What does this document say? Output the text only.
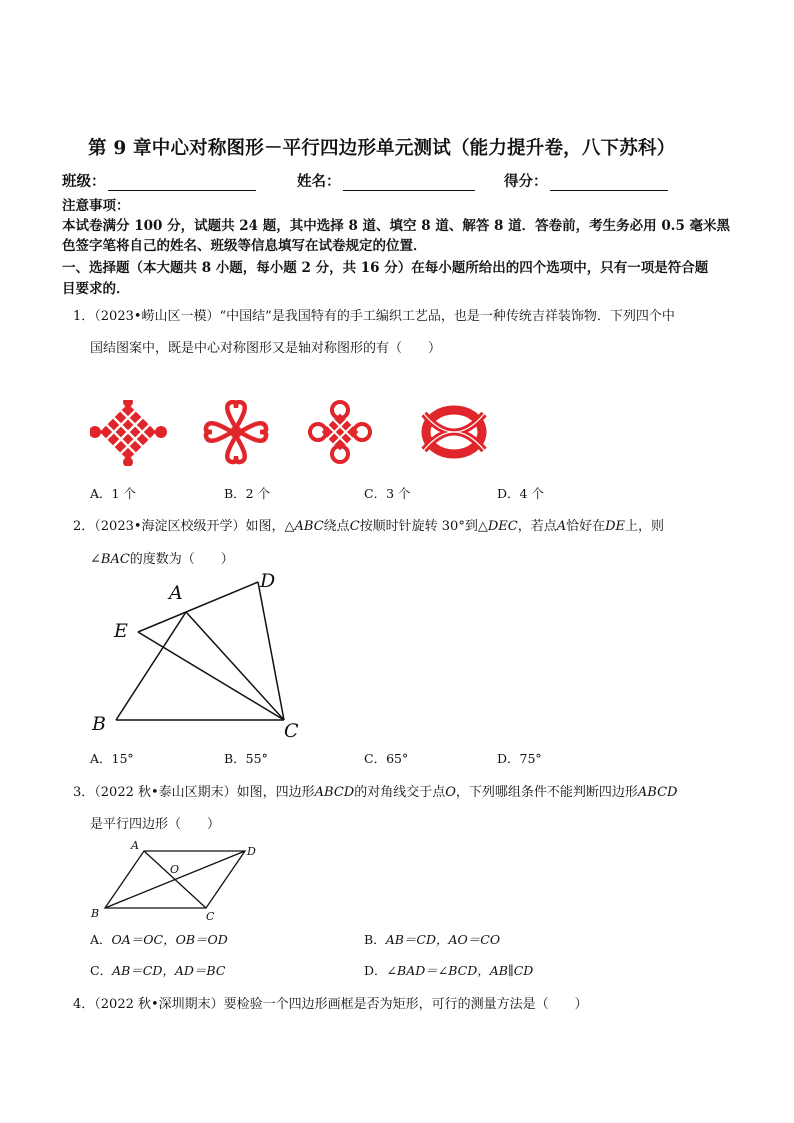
第 9 章中心对称图形－平行四边形单元测试（能力提升卷，八下苏科）
班级：	姓名：	得分：
注意事项：
本试卷满分 100 分，试题共 24 题，其中选择 8 道、填空 8 道、解答 8 道．答卷前，考生务必用 0.5 毫米黑
色签字笔将自己的姓名、班级等信息填写在试卷规定的位置．
一、选择题（本大题共 8 小题，每小题 2 分，共 16 分）在每小题所给出的四个选项中，只有一项是符合题
目要求的．
1．（2023•崂山区一模）“中国结”是我国特有的手工编织工艺品，也是一种传统吉祥装饰物．下列四个中
国结图案中，既是中心对称图形又是轴对称图形的有（　　）
A．1 个	B．2 个	C．3 个	D．4 个
2．（2023•海淀区校级开学）如图，△ABC绕点C按顺时针旋转 30°到△DEC，若点A恰好在DE上，则
∠BAC的度数为（　　）
A
D
E
B	C
A．15°	B．55°	C．65°	D．75°
3．（2022 秋•泰山区期末）如图，四边形ABCD的对角线交于点O，下列哪组条件不能判断四边形ABCD
是平行四边形（　　）
A	D
O
B	C
A．OA＝OC，OB＝OD	B．AB＝CD，AO＝CO
C．AB＝CD，AD＝BC	D．∠BAD＝∠BCD，AB∥CD
4．（2022 秋•深圳期末）要检验一个四边形画框是否为矩形，可行的测量方法是（　　）
